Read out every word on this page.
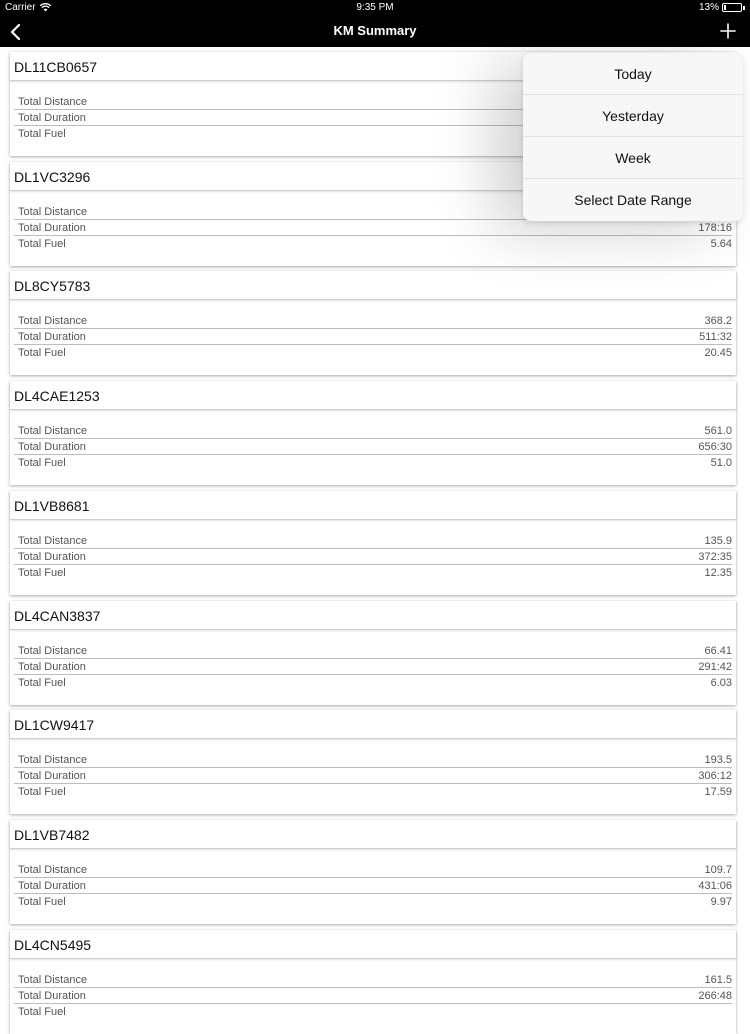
Carrier	9:35 PM	13%
KM Summary
DL11CB0657
Total Distance
Total Duration
Total Fuel
DL1VC3296
Total Distance
Total Duration	178:16
Total Fuel	5.64
DL8CY5783
Total Distance	368.2
Total Duration	511:32
Total Fuel	20.45
DL4CAE1253
Total Distance	561.0
Total Duration	656:30
Total Fuel	51.0
DL1VB8681
Total Distance	135.9
Total Duration	372:35
Total Fuel	12.35
DL4CAN3837
Total Distance	66.41
Total Duration	291:42
Total Fuel	6.03
DL1CW9417
Total Distance	193.5
Total Duration	306:12
Total Fuel	17.59
DL1VB7482
Total Distance	109.7
Total Duration	431:06
Total Fuel	9.97
DL4CN5495
Total Distance	161.5
Total Duration	266:48
Total Fuel
Today
Yesterday
Week
Select Date Range
